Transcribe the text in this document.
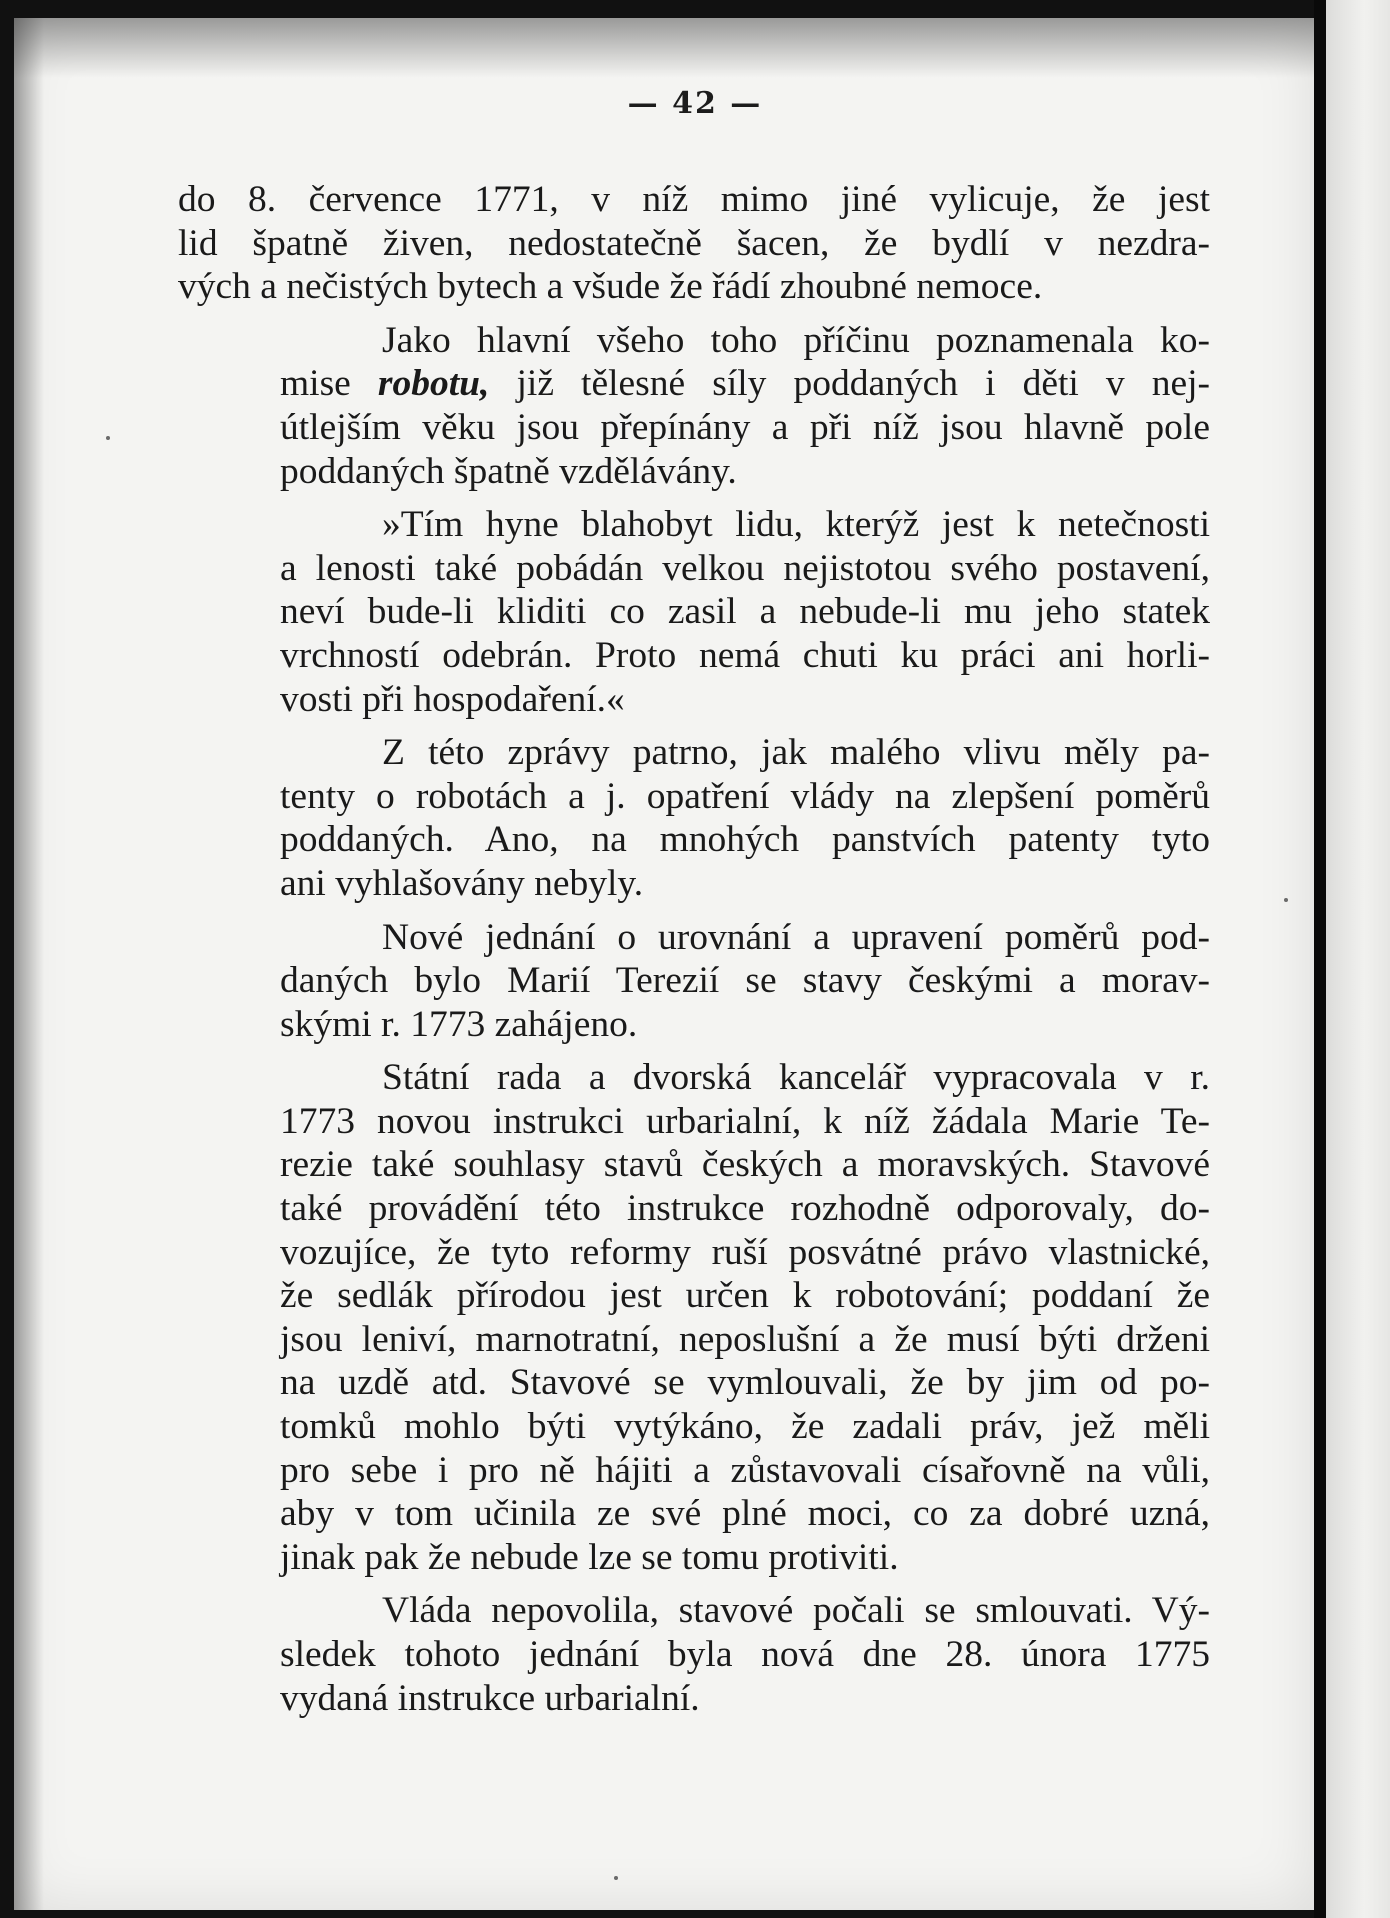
— 42 —
do 8. července 1771, v níž mimo jiné vylicuje, že jest
lid špatně živen, nedostatečně šacen, že bydlí v nezdra-
vých a nečistých bytech a všude že řádí zhoubné nemoce.
Jako hlavní všeho toho příčinu poznamenala ko-
mise robotu, již tělesné síly poddaných i děti v nej-
útlejším věku jsou přepínány a při níž jsou hlavně pole
poddaných špatně vzdělávány.
»Tím hyne blahobyt lidu, kterýž jest k netečnosti
a lenosti také pobádán velkou nejistotou svého postavení,
neví bude-li kliditi co zasil a nebude-li mu jeho statek
vrchností odebrán. Proto nemá chuti ku práci ani horli-
vosti při hospodaření.«
Z této zprávy patrno, jak malého vlivu měly pa-
tenty o robotách a j. opatření vlády na zlepšení poměrů
poddaných. Ano, na mnohých panstvích patenty tyto
ani vyhlašovány nebyly.
Nové jednání o urovnání a upravení poměrů pod-
daných bylo Marií Terezií se stavy českými a morav-
skými r. 1773 zahájeno.
Státní rada a dvorská kancelář vypracovala v r.
1773 novou instrukci urbarialní, k níž žádala Marie Te-
rezie také souhlasy stavů českých a moravských. Stavové
také provádění této instrukce rozhodně odporovaly, do-
vozujíce, že tyto reformy ruší posvátné právo vlastnické,
že sedlák přírodou jest určen k robotování; poddaní že
jsou leniví, marnotratní, neposlušní a že musí býti drženi
na uzdě atd. Stavové se vymlouvali, že by jim od po-
tomků mohlo býti vytýkáno, že zadali práv, jež měli
pro sebe i pro ně hájiti a zůstavovali císařovně na vůli,
aby v tom učinila ze své plné moci, co za dobré uzná,
jinak pak že nebude lze se tomu protiviti.
Vláda nepovolila, stavové počali se smlouvati. Vý-
sledek tohoto jednání byla nová dne 28. února 1775
vydaná instrukce urbarialní.
